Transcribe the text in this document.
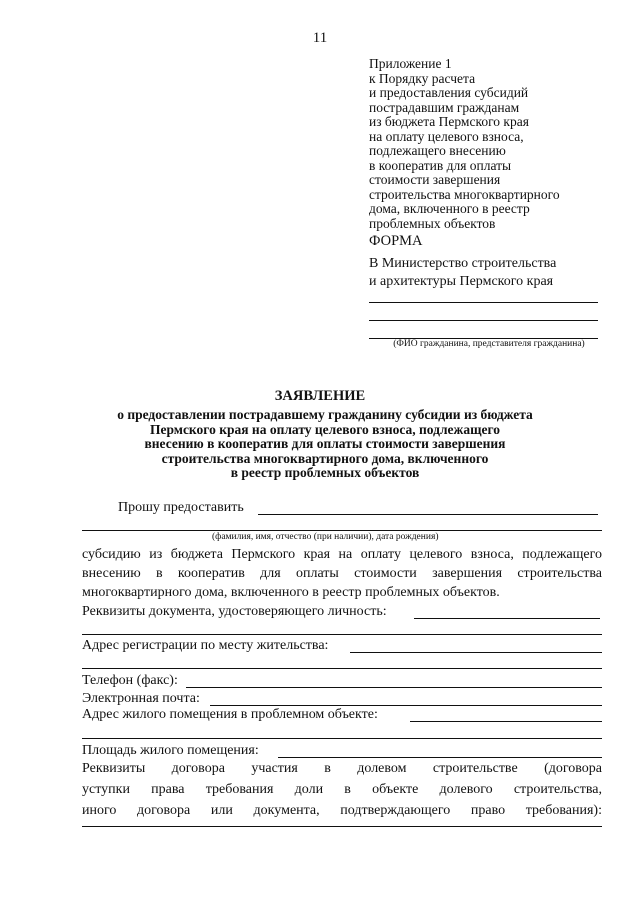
11
Приложение 1
к Порядку расчета
и предоставления субсидий
пострадавшим гражданам
из бюджета Пермского края
на оплату целевого взноса,
подлежащего внесению
в кооператив для оплаты
стоимости завершения
строительства многоквартирного
дома, включенного в реестр
проблемных объектов
ФОРМА
В Министерство строительства
и архитектуры Пермского края
(ФИО гражданина, представителя гражданина)
ЗАЯВЛЕНИЕ
о предоставлении пострадавшему гражданину субсидии из бюджета
Пермского края на оплату целевого взноса, подлежащего
внесению в кооператив для оплаты стоимости завершения
строительства многоквартирного дома, включенного
в реестр проблемных объектов
Прошу предоставить
(фамилия, имя, отчество (при наличии), дата рождения)
субсидию из бюджета Пермского края на оплату целевого взноса, подлежащего
внесению в кооператив для оплаты стоимости завершения строительства
многоквартирного дома, включенного в реестр проблемных объектов.
Реквизиты документа, удостоверяющего личность:
Адрес регистрации по месту жительства:
Телефон (факс):
Электронная почта:
Адрес жилого помещения в проблемном объекте:
Площадь жилого помещения:
Реквизиты договора участия в долевом строительстве (договора
уступки права требования доли в объекте долевого строительства,
иного договора или документа, подтверждающего право требования):
